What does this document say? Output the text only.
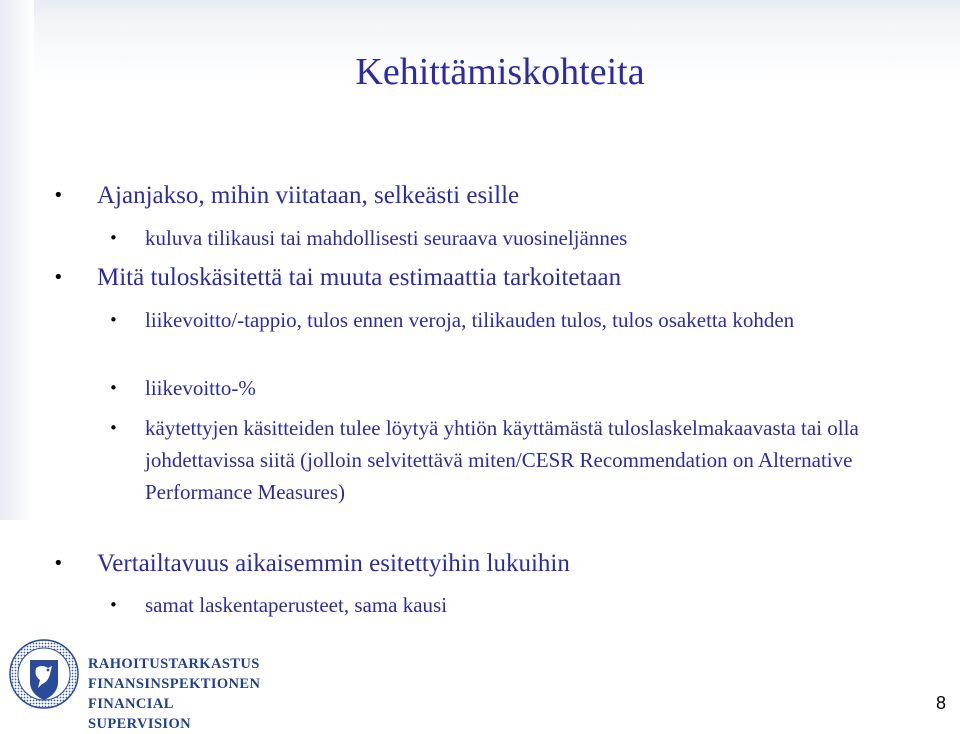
Kehittämiskohteita
• Ajanjakso, mihin viitataan, selkeästi esille
• kuluva tilikausi tai mahdollisesti seuraava vuosineljännes
• Mitä tuloskäsitettä tai muuta estimaattia tarkoitetaan
• liikevoitto/-tappio, tulos ennen veroja, tilikauden tulos, tulos osaketta kohden
• liikevoitto-%
• käytettyjen käsitteiden tulee löytyä yhtiön käyttämästä tuloslaskelmakaavasta tai olla johdettavissa siitä (jolloin selvitettävä miten/CESR Recommendation on Alternative Performance Measures)
• Vertailtavuus aikaisemmin esitettyihin lukuihin
• samat laskentaperusteet, sama kausi
RAHOITUSTARKASTUS
FINANSINSPEKTIONEN
FINANCIAL SUPERVISION
8
